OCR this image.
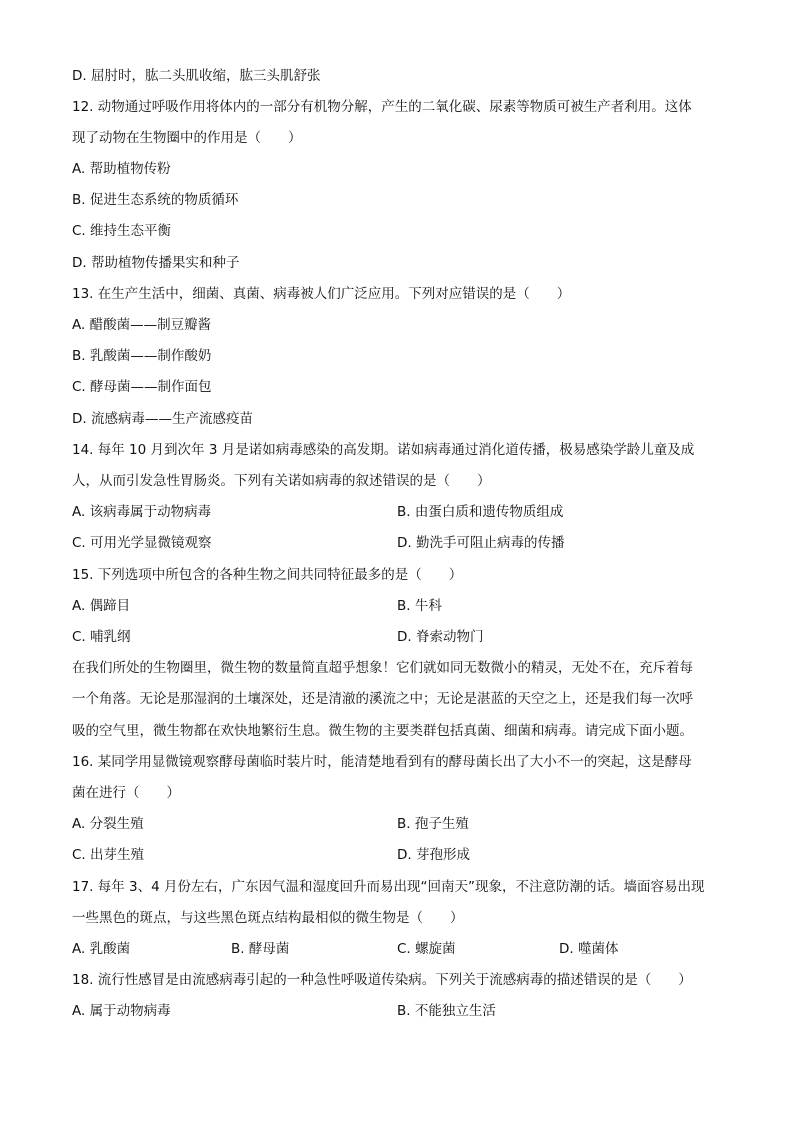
D. 屈肘时，肱二头肌收缩，肱三头肌舒张
12. 动物通过呼吸作用将体内的一部分有机物分解，产生的二氧化碳、尿素等物质可被生产者利用。这体
现了动物在生物圈中的作用是（　　）
A. 帮助植物传粉
B. 促进生态系统的物质循环
C. 维持生态平衡
D. 帮助植物传播果实和种子
13. 在生产生活中，细菌、真菌、病毒被人们广泛应用。下列对应错误的是（　　）
A. 醋酸菌——制豆瓣酱
B. 乳酸菌——制作酸奶
C. 酵母菌——制作面包
D. 流感病毒——生产流感疫苗
14. 每年 10 月到次年 3 月是诺如病毒感染的高发期。诺如病毒通过消化道传播，极易感染学龄儿童及成
人，从而引发急性胃肠炎。下列有关诺如病毒的叙述错误的是（　　）
A. 该病毒属于动物病毒	B. 由蛋白质和遗传物质组成
C. 可用光学显微镜观察	D. 勤洗手可阻止病毒的传播
15. 下列选项中所包含的各种生物之间共同特征最多的是（　　）
A. 偶蹄目	B. 牛科
C. 哺乳纲	D. 脊索动物门
在我们所处的生物圈里，微生物的数量简直超乎想象！它们就如同无数微小的精灵，无处不在，充斥着每
一个角落。无论是那湿润的土壤深处，还是清澈的溪流之中；无论是湛蓝的天空之上，还是我们每一次呼
吸的空气里，微生物都在欢快地繁衍生息。微生物的主要类群包括真菌、细菌和病毒。请完成下面小题。
16. 某同学用显微镜观察酵母菌临时装片时，能清楚地看到有的酵母菌长出了大小不一的突起，这是酵母
菌在进行（　　）
A. 分裂生殖	B. 孢子生殖
C. 出芽生殖	D. 芽孢形成
17. 每年 3、4 月份左右，广东因气温和湿度回升而易出现“回南天”现象，不注意防潮的话。墙面容易出现
一些黑色的斑点，与这些黑色斑点结构最相似的微生物是（　　）
A. 乳酸菌	B. 酵母菌	C. 螺旋菌	D. 噬菌体
18. 流行性感冒是由流感病毒引起的一种急性呼吸道传染病。下列关于流感病毒的描述错误的是（　　）
A. 属于动物病毒	B. 不能独立生活
